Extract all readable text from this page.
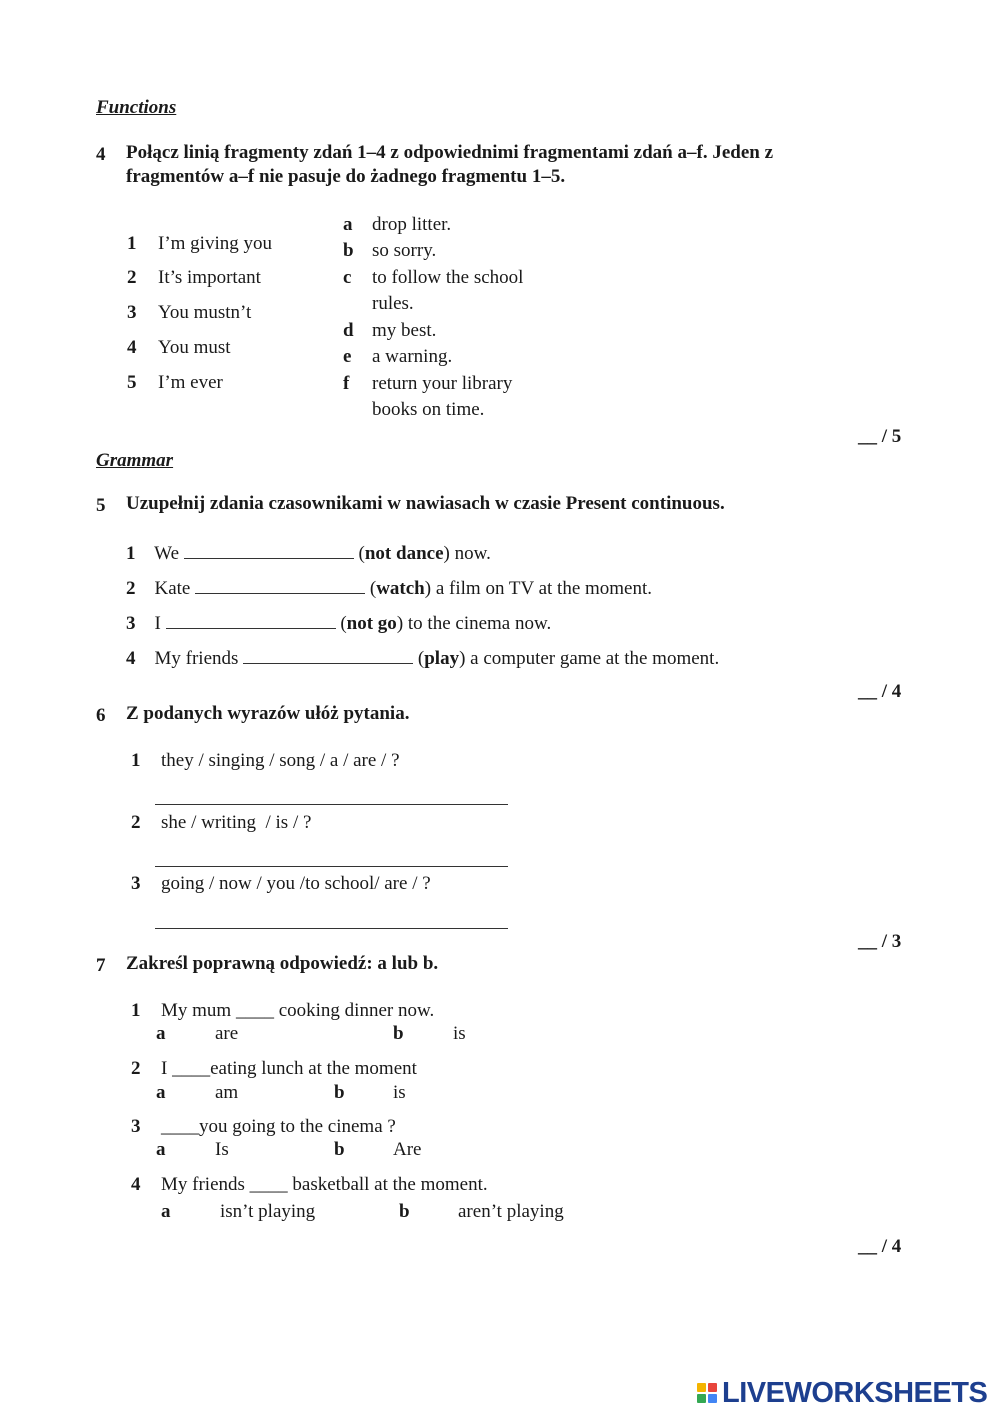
Functions
4 Połącz linią fragmenty zdań 1–4 z odpowiednimi fragmentami zdań a–f. Jeden z fragmentów a–f nie pasuje do żadnego fragmentu 1–5.
1 I’m giving you
2 It’s important
3 You mustn’t
4 You must
5 I’m ever
a drop litter.
b so sorry.
c to follow the school
rules.
d my best.
e a warning.
f return your library
books on time.
__ / 5
Grammar
5 Uzupełnij zdania czasownikami w nawiasach w czasie Present continuous.
1 We	(not dance) now.
2 Kate	(watch) a film on TV at the moment.
3 I	(not go) to the cinema now.
4 My friends	(play) a computer game at the moment.
__ / 4
6 Z podanych wyrazów ułóż pytania.
1 they / singing / song / a / are / ?
2 she / writing  / is / ?
3 going / now / you /to school/ are / ?
__ / 3
7 Zakreśl poprawną odpowiedź: a lub b.
1 My mum ____ cooking dinner now.
a	are	b	is
2 I ____eating lunch at the moment
a	am	b	is
3 ____you going to the cinema ?
a	Is	b	Are
4 My friends ____ basketball at the moment.
a	isn’t playing	b	aren’t playing
__ / 4
LIVEWORKSHEETS
